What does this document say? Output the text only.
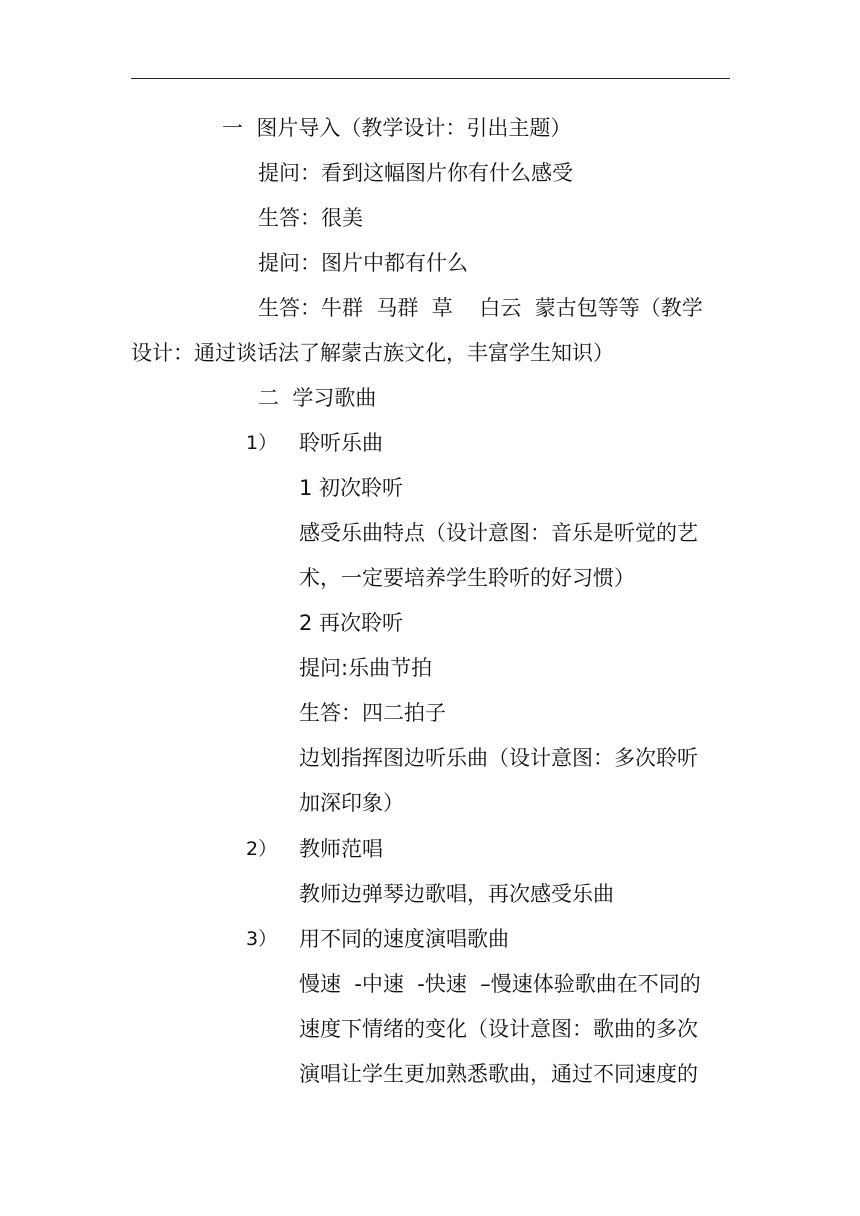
一  图片导入（教学设计：引出主题）

提问：看到这幅图片你有什么感受

生答：很美

提问：图片中都有什么

生答：牛群  马群  草    白云  蒙古包等等（教学

设计：通过谈话法了解蒙古族文化，丰富学生知识）

二  学习歌曲

1） 聆听乐曲

1 初次聆听

感受乐曲特点（设计意图：音乐是听觉的艺

术，一定要培养学生聆听的好习惯）

2 再次聆听

提问:乐曲节拍

生答：四二拍子

边划指挥图边听乐曲（设计意图：多次聆听

加深印象）

2） 教师范唱

教师边弹琴边歌唱，再次感受乐曲

3） 用不同的速度演唱歌曲

慢速  -中速  -快速  –慢速体验歌曲在不同的

速度下情绪的变化（设计意图：歌曲的多次

演唱让学生更加熟悉歌曲，通过不同速度的
